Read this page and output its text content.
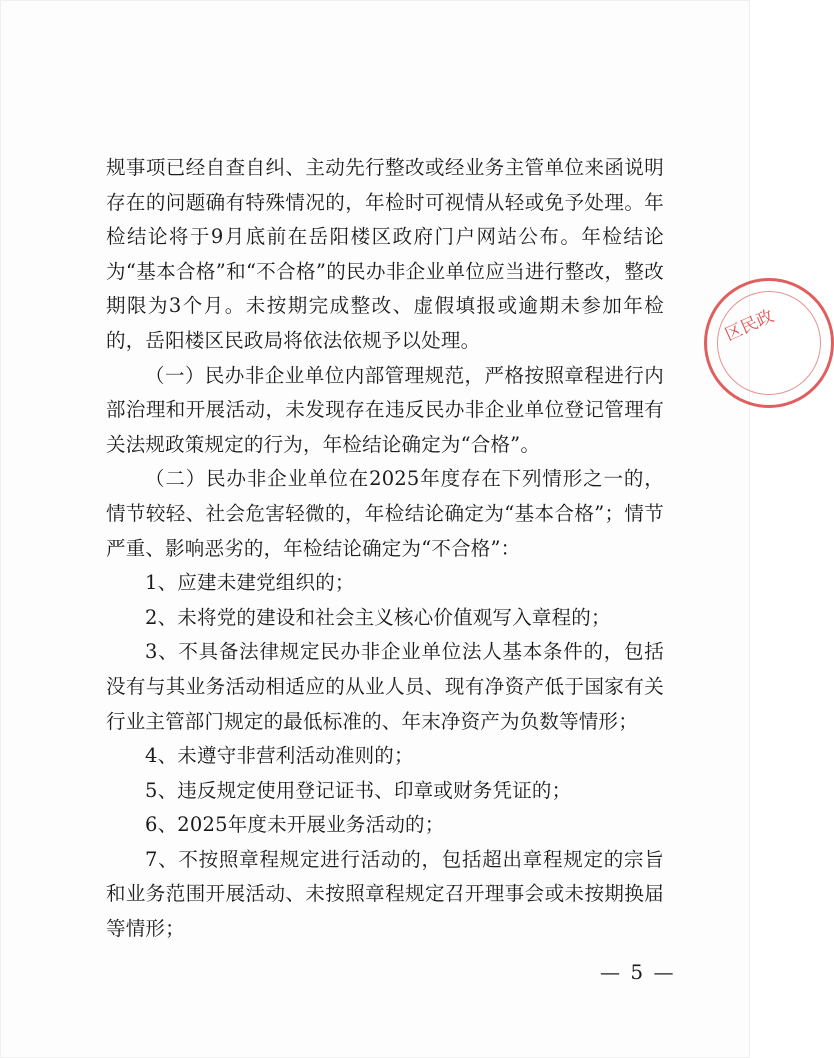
规事项已经自查自纠、主动先行整改或经业务主管单位来函说明存在的问题确有特殊情况的，年检时可视情从轻或免予处理。年检结论将于9月底前在岳阳楼区政府门户网站公布。年检结论为“基本合格”和“不合格”的民办非企业单位应当进行整改，整改期限为3个月。未按期完成整改、虚假填报或逾期未参加年检的，岳阳楼区民政局将依法依规予以处理。

（一）民办非企业单位内部管理规范，严格按照章程进行内部治理和开展活动，未发现存在违反民办非企业单位登记管理有关法规政策规定的行为，年检结论确定为“合格”。

（二）民办非企业单位在2025年度存在下列情形之一的，情节较轻、社会危害轻微的，年检结论确定为“基本合格”；情节严重、影响恶劣的，年检结论确定为“不合格”：

1、应建未建党组织的；

2、未将党的建设和社会主义核心价值观写入章程的；

3、不具备法律规定民办非企业单位法人基本条件的，包括没有与其业务活动相适应的从业人员、现有净资产低于国家有关行业主管部门规定的最低标准的、年末净资产为负数等情形；

4、未遵守非营利活动准则的；

5、违反规定使用登记证书、印章或财务凭证的；

6、2025年度未开展业务活动的；

7、不按照章程规定进行活动的，包括超出章程规定的宗旨和业务范围开展活动、未按照章程规定召开理事会或未按期换届等情形；

区民政
— 5 —
